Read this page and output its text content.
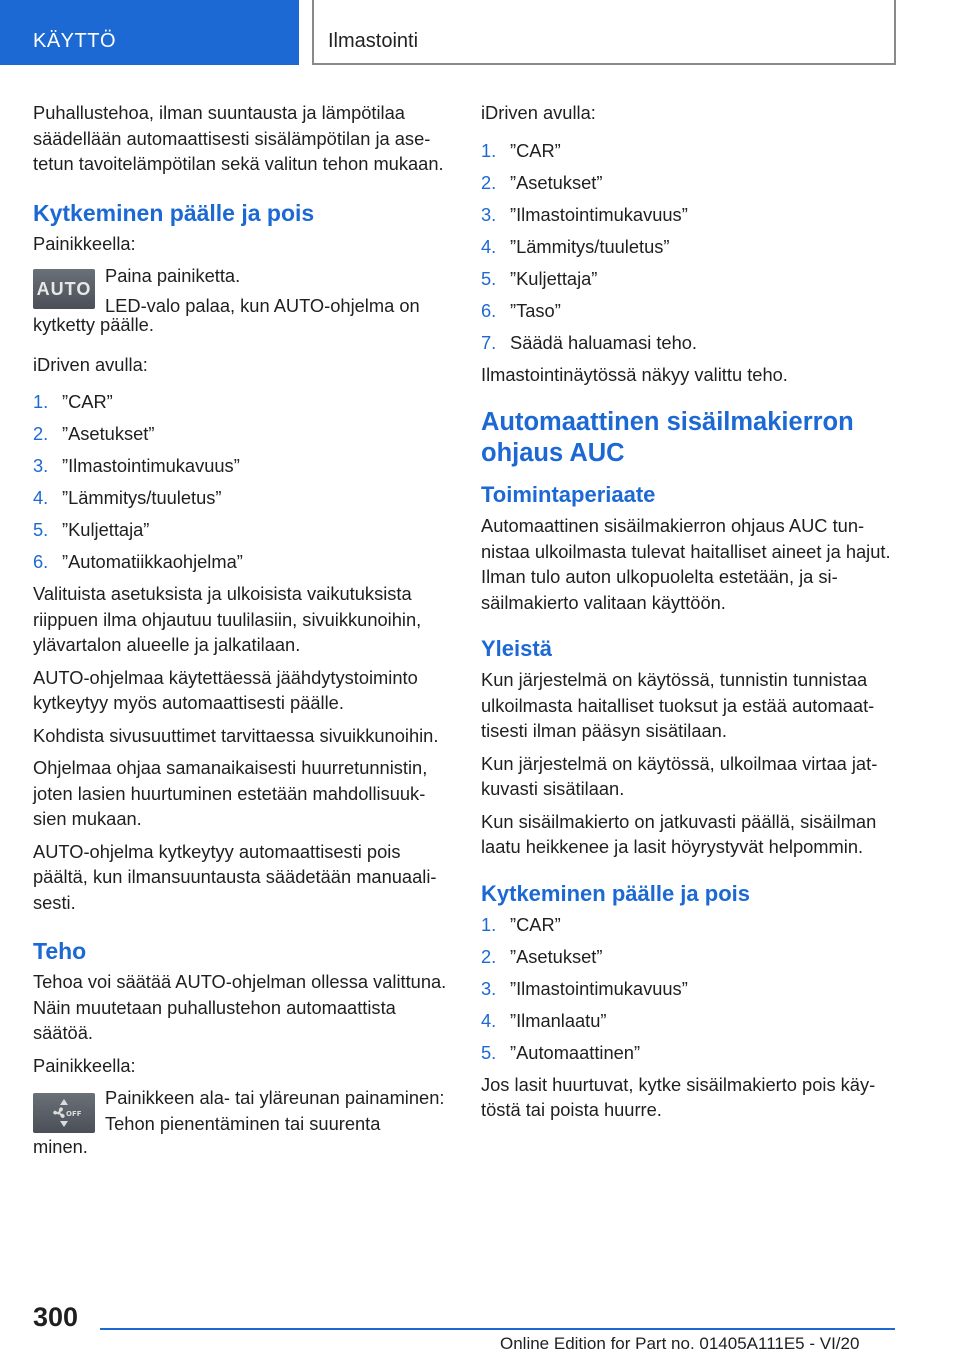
KÄYTTÖ	Ilmastointi

Puhallustehoa, ilman suuntausta ja lämpötilaa säädellään automaattisesti sisälämpötilan ja asetetun tavoitelämpötilan sekä valitun tehon mukaan.

Kytkeminen päälle ja pois

Painikkeella:

AUTO

Paina painiketta.

LED-valo palaa, kun AUTO-ohjelma on

kytketty päälle.

iDriven avulla:

1. ”CAR”
2. ”Asetukset”
3. ”Ilmastointimukavuus”
4. ”Lämmitys/tuuletus”
5. ”Kuljettaja”
6. ”Automatiikkaohjelma”

Valituista asetuksista ja ulkoisista vaikutuksista riippuen ilma ohjautuu tuulilasiin, sivuikkunoihin, ylävartalon alueelle ja jalkatilaan.

AUTO-ohjelmaa käytettäessä jäähdytystoiminto kytkeytyy myös automaattisesti päälle.

Kohdista sivusuuttimet tarvittaessa sivuikkunoihin.

Ohjelmaa ohjaa samanaikaisesti huurretunnistin, joten lasien huurtuminen estetään mahdollisuuksien mukaan.

AUTO-ohjelma kytkeytyy automaattisesti pois päältä, kun ilmansuuntausta säädetään manuaalisesti.

Teho

Tehoa voi säätää AUTO-ohjelman ollessa valittuna. Näin muutetaan puhallustehon automaattista säätöä.

Painikkeella:

OFF

Painikkeen ala- tai yläreunan painaminen: Tehon pienentäminen tai suurenta

minen.

iDriven avulla:

1. ”CAR”
2. ”Asetukset”
3. ”Ilmastointimukavuus”
4. ”Lämmitys/tuuletus”
5. ”Kuljettaja”
6. ”Taso”
7. Säädä haluamasi teho.

Ilmastointinäytössä näkyy valittu teho.

Automaattinen sisäilmakierron ohjaus AUC
Toimintaperiaate

Automaattinen sisäilmakierron ohjaus AUC tunnistaa ulkoilmasta tulevat haitalliset aineet ja hajut. Ilman tulo auton ulkopuolelta estetään, ja sisäilmakierto valitaan käyttöön.

Yleistä

Kun järjestelmä on käytössä, tunnistin tunnistaa ulkoilmasta haitalliset tuoksut ja estää automaattisesti ilman pääsyn sisätilaan.

Kun järjestelmä on käytössä, ulkoilmaa virtaa jatkuvasti sisätilaan.

Kun sisäilmakierto on jatkuvasti päällä, sisäilman laatu heikkenee ja lasit höyrystyvät helpommin.

Kytkeminen päälle ja pois
1. ”CAR”
2. ”Asetukset”
3. ”Ilmastointimukavuus”
4. ”Ilmanlaatu”
5. ”Automaattinen”

Jos lasit huurtuvat, kytke sisäilmakierto pois käytöstä tai poista huurre.

300
Online Edition for Part no. 01405A111E5 - VI/20
